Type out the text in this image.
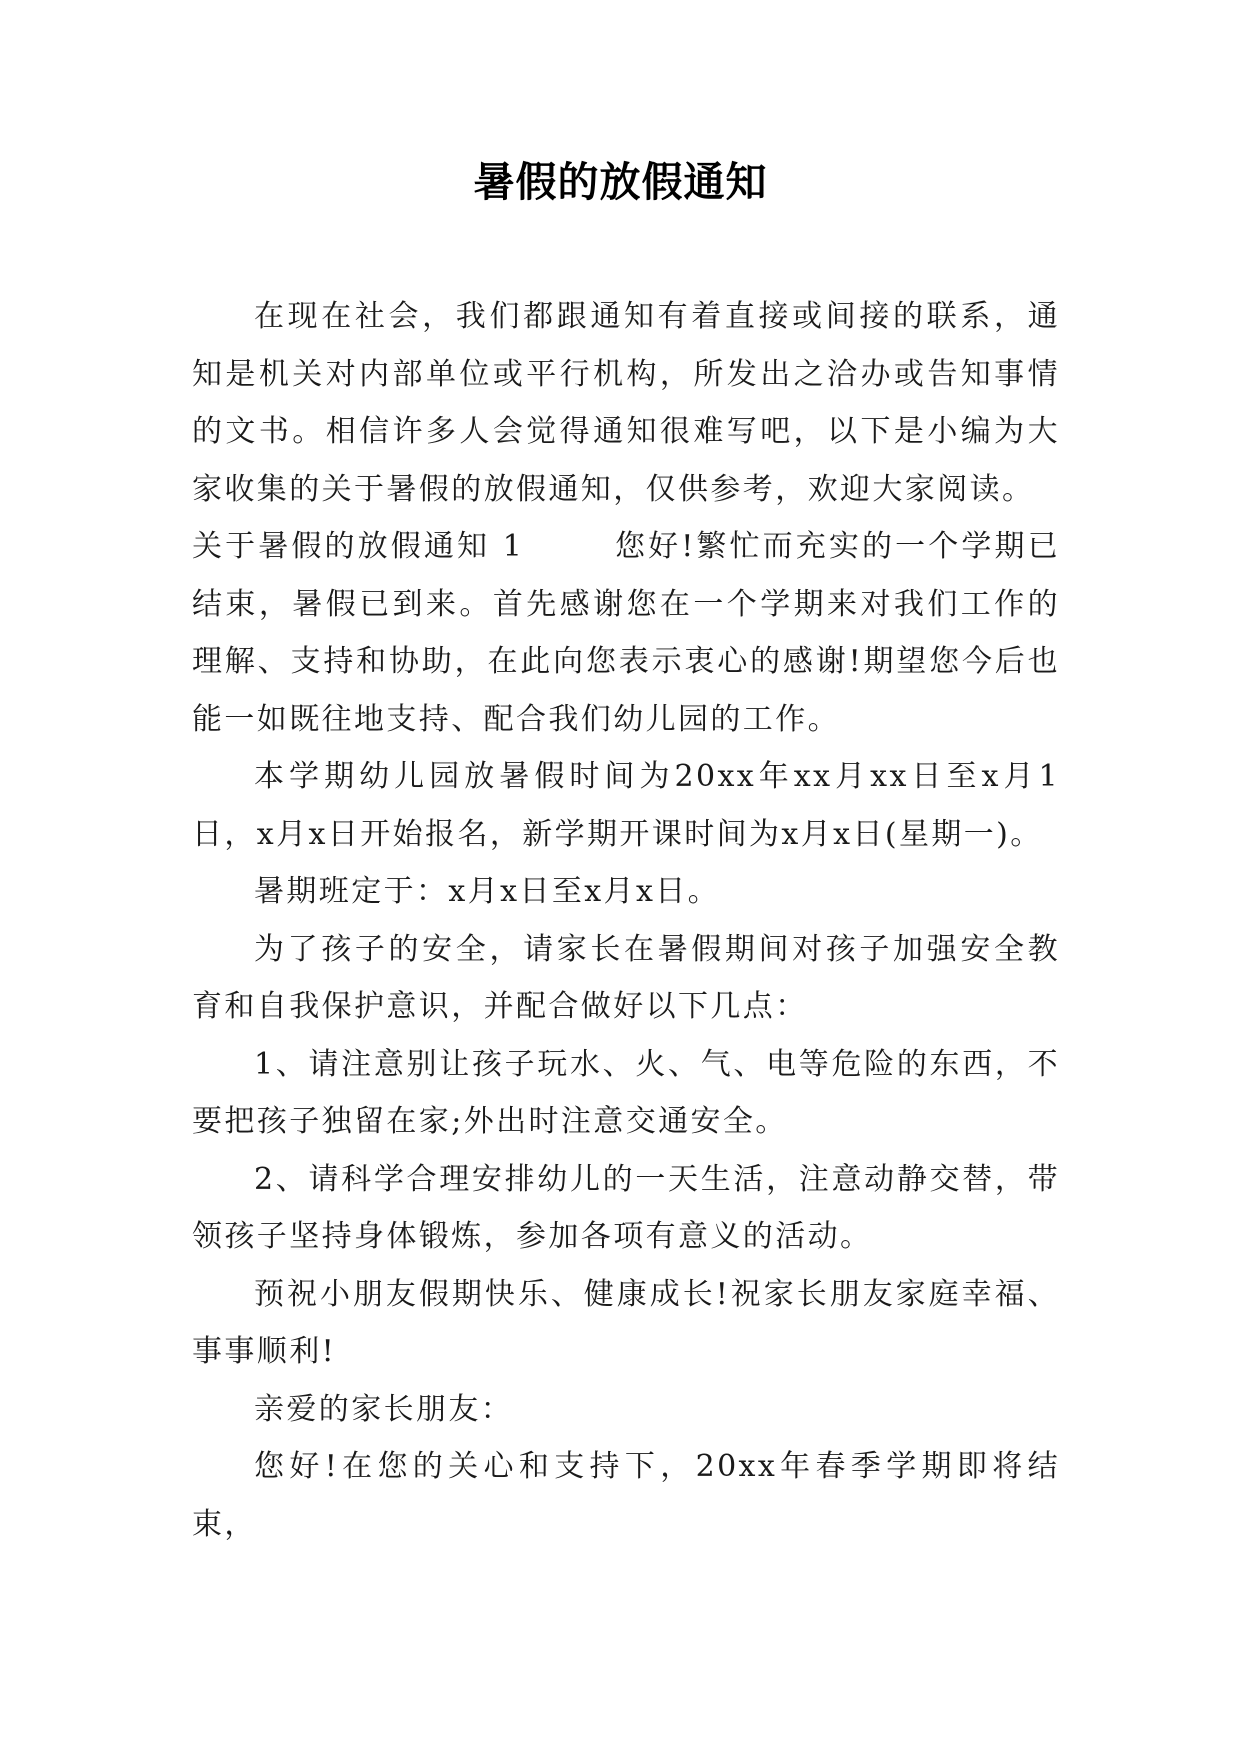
暑假的放假通知

在现在社会，我们都跟通知有着直接或间接的联系，通知是机关对内部单位或平行机构，所发出之洽办或告知事情的文书。相信许多人会觉得通知很难写吧，以下是小编为大家收集的关于暑假的放假通知，仅供参考，欢迎大家阅读。

关于暑假的放假通知 1	您好!繁忙而充实的一个学期已结束，暑假已到来。首先感谢您在一个学期来对我们工作的理解、支持和协助，在此向您表示衷心的感谢!期望您今后也能一如既往地支持、配合我们幼儿园的工作。

本学期幼儿园放暑假时间为20xx年xx月xx日至x月1日，x月x日开始报名，新学期开课时间为x月x日(星期一)。

暑期班定于：x月x日至x月x日。

为了孩子的安全，请家长在暑假期间对孩子加强安全教育和自我保护意识，并配合做好以下几点：

1、请注意别让孩子玩水、火、气、电等危险的东西，不要把孩子独留在家;外出时注意交通安全。

2、请科学合理安排幼儿的一天生活，注意动静交替，带领孩子坚持身体锻炼，参加各项有意义的活动。

预祝小朋友假期快乐、健康成长!祝家长朋友家庭幸福、事事顺利!

亲爱的家长朋友：

您好!在您的关心和支持下，20xx年春季学期即将结束，
